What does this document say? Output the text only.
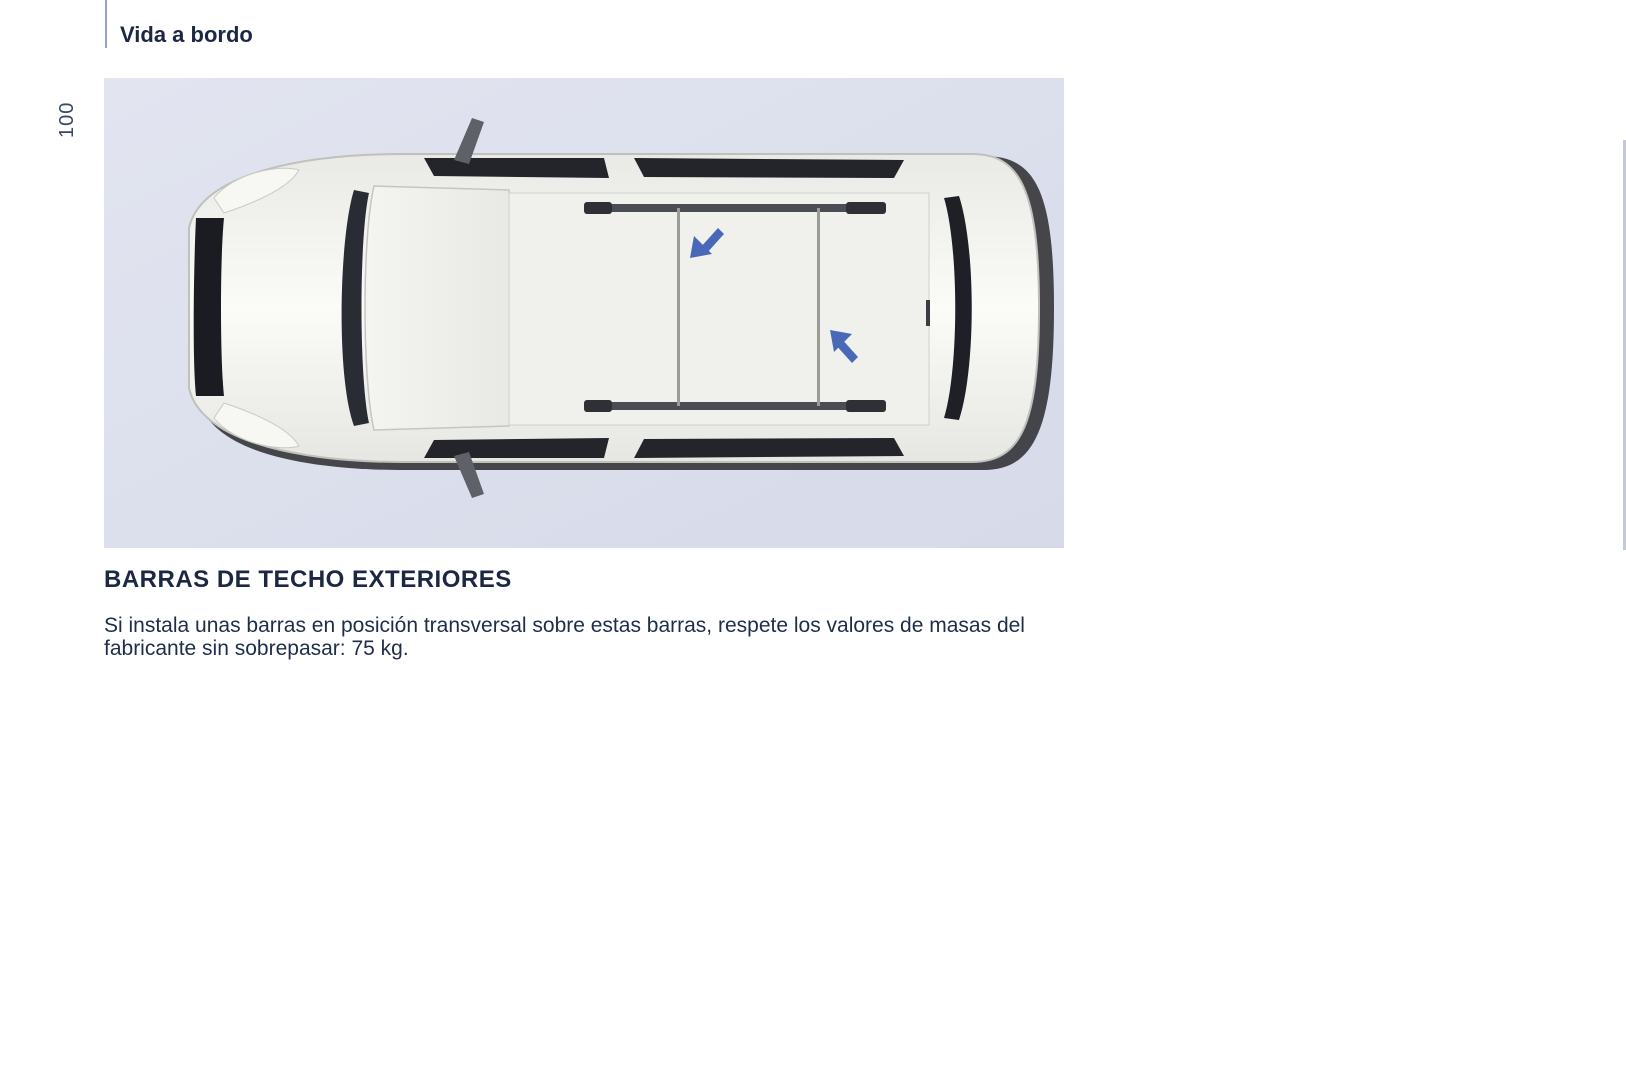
Vida a bordo
100
BARRAS DE TECHO EXTERIORES

Si instala unas barras en posición transversal sobre estas barras, respete los valores de masas del fabricante sin sobrepasar: 75 kg.
